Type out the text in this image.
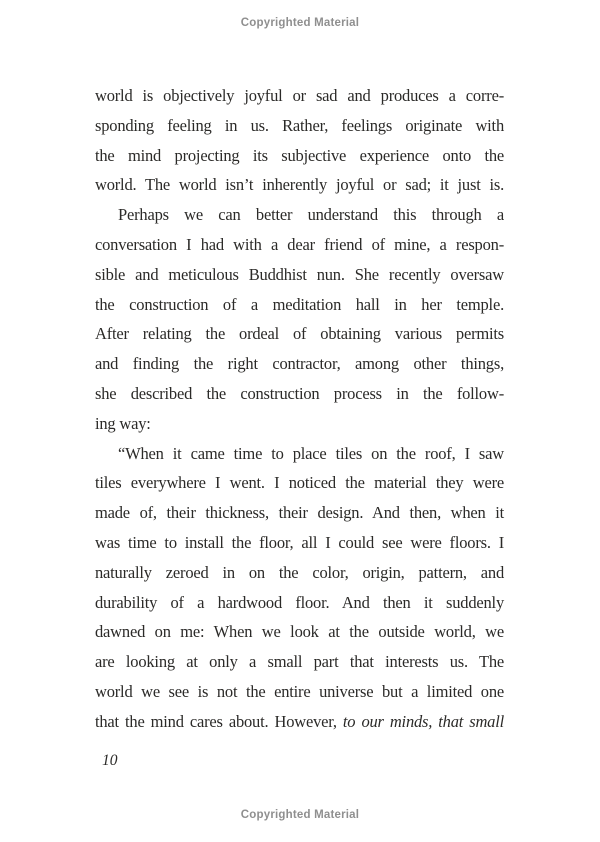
Copyrighted Material
world is objectively joyful or sad and produces a corre-
sponding feeling in us. Rather, feelings originate with
the mind projecting its subjective experience onto the
world. The world isn’t inherently joyful or sad; it just is.
Perhaps we can better understand this through a
conversation I had with a dear friend of mine, a respon-
sible and meticulous Buddhist nun. She recently oversaw
the construction of a meditation hall in her temple.
After relating the ordeal of obtaining various permits
and finding the right contractor, among other things,
she described the construction process in the follow-
ing way:
“When it came time to place tiles on the roof, I saw
tiles everywhere I went. I noticed the material they were
made of, their thickness, their design. And then, when it
was time to install the floor, all I could see were floors. I
naturally zeroed in on the color, origin, pattern, and
durability of a hardwood floor. And then it suddenly
dawned on me: When we look at the outside world, we
are looking at only a small part that interests us. The
world we see is not the entire universe but a limited one
that the mind cares about. However, to our minds, that small
10
Copyrighted Material
